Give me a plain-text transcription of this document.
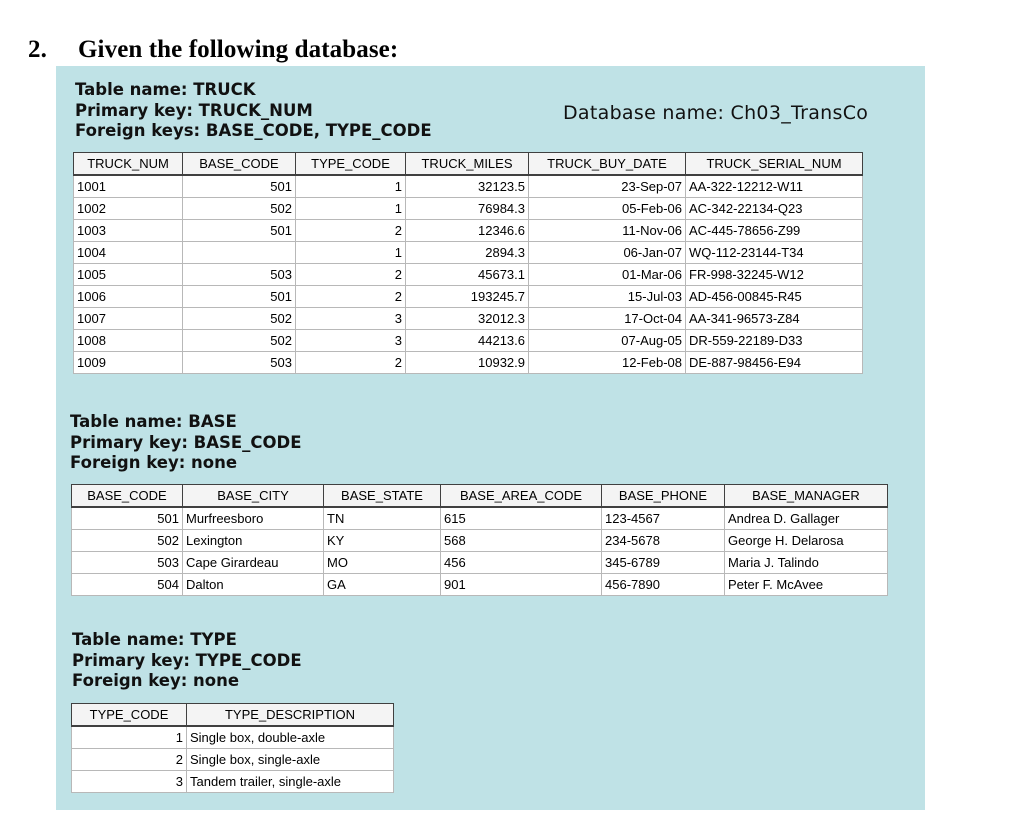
2. Given the following database:
Table name: TRUCK
Primary key: TRUCK_NUM
Foreign keys: BASE_CODE, TYPE_CODE
Database name: Ch03_TransCo
TRUCK_NUM	BASE_CODE	TYPE_CODE	TRUCK_MILES	TRUCK_BUY_DATE	TRUCK_SERIAL_NUM
1001	501	1	32123.5	23-Sep-07	AA-322-12212-W11
1002	502	1	76984.3	05-Feb-06	AC-342-22134-Q23
1003	501	2	12346.6	11-Nov-06	AC-445-78656-Z99
1004		1	2894.3	06-Jan-07	WQ-112-23144-T34
1005	503	2	45673.1	01-Mar-06	FR-998-32245-W12
1006	501	2	193245.7	15-Jul-03	AD-456-00845-R45
1007	502	3	32012.3	17-Oct-04	AA-341-96573-Z84
1008	502	3	44213.6	07-Aug-05	DR-559-22189-D33
1009	503	2	10932.9	12-Feb-08	DE-887-98456-E94
Table name: BASE
Primary key: BASE_CODE
Foreign key: none
BASE_CODE	BASE_CITY	BASE_STATE	BASE_AREA_CODE	BASE_PHONE	BASE_MANAGER
501	Murfreesboro	TN	615	123-4567	Andrea D. Gallager
502	Lexington	KY	568	234-5678	George H. Delarosa
503	Cape Girardeau	MO	456	345-6789	Maria J. Talindo
504	Dalton	GA	901	456-7890	Peter F. McAvee
Table name: TYPE
Primary key: TYPE_CODE
Foreign key: none
TYPE_CODE	TYPE_DESCRIPTION
1	Single box, double-axle
2	Single box, single-axle
3	Tandem trailer, single-axle
